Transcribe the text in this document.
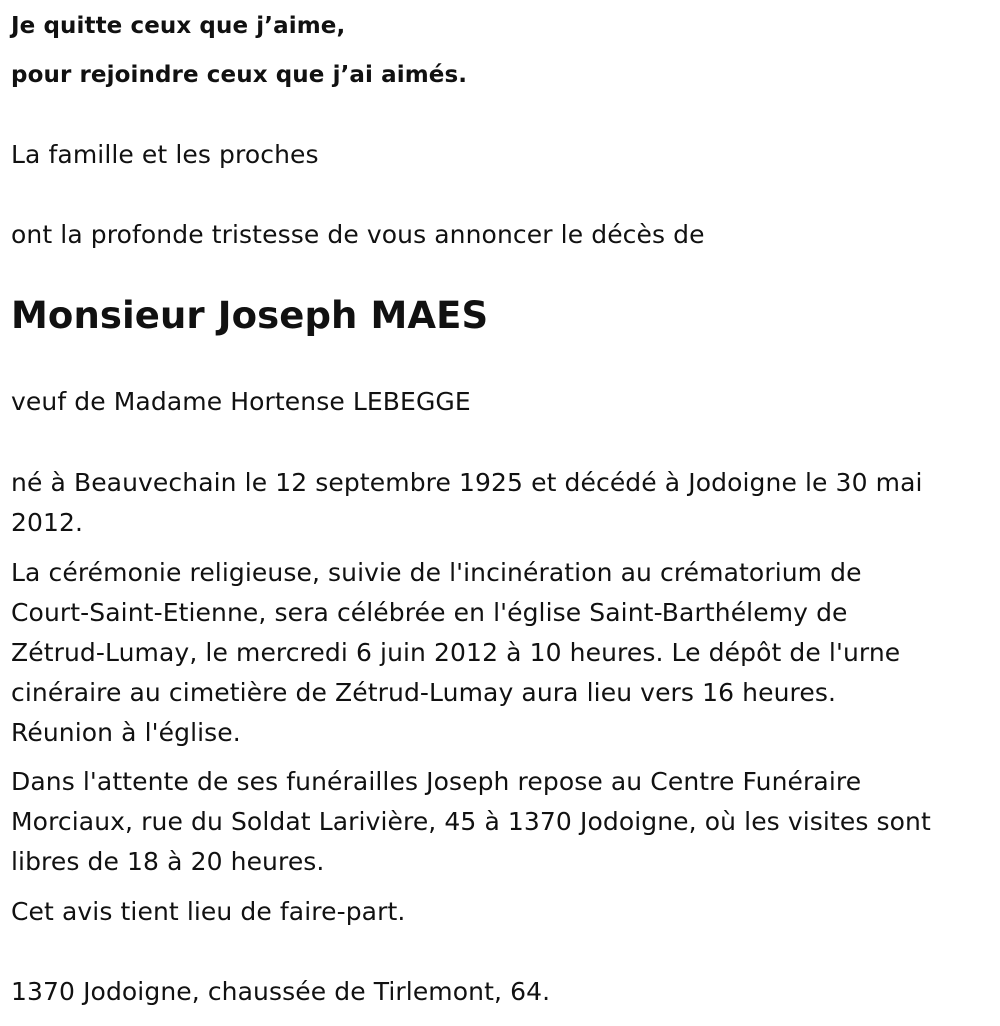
Je quitte ceux que j’aime,
pour rejoindre ceux que j’ai aimés.
La famille et les proches
ont la profonde tristesse de vous annoncer le décès de
Monsieur Joseph MAES
veuf de Madame Hortense LEBEGGE
né à Beauvechain le 12 septembre 1925 et décédé à Jodoigne le 30 mai
2012.
La cérémonie religieuse, suivie de l'incinération au crématorium de
Court-Saint-Etienne, sera célébrée en l'église Saint-Barthélemy de
Zétrud-Lumay, le mercredi 6 juin 2012 à 10 heures. Le dépôt de l'urne
cinéraire au cimetière de Zétrud-Lumay aura lieu vers 16 heures.
Réunion à l'église.
Dans l'attente de ses funérailles Joseph repose au Centre Funéraire
Morciaux, rue du Soldat Larivière, 45 à 1370 Jodoigne, où les visites sont
libres de 18 à 20 heures.
Cet avis tient lieu de faire-part.
1370 Jodoigne, chaussée de Tirlemont, 64.
